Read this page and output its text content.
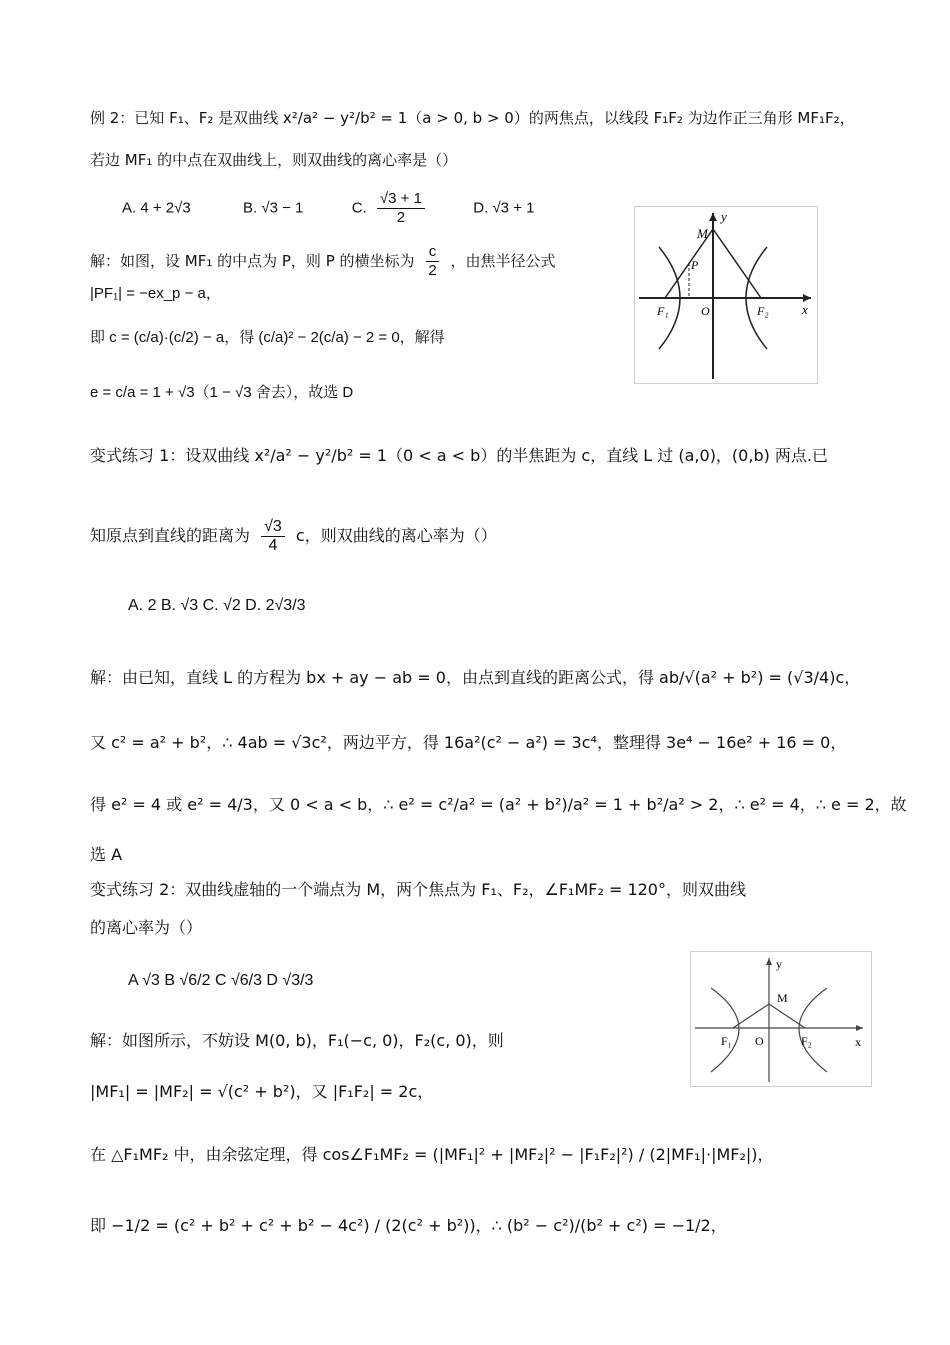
例 2：已知 F₁、F₂ 是双曲线 x²/a² − y²/b² = 1（a > 0, b > 0）的两焦点，以线段 F₁F₂ 为边作正三角形 MF₁F₂，
若边 MF₁ 的中点在双曲线上，则双曲线的离心率是（）
A. 4 + 2√3	B. √3 − 1	C. $\frac{√3 + 1}{2}$	D. √3 + 1
解：如图，设 MF₁ 的中点为 P，则 P 的横坐标为 $\frac{c}{2}$ ，由焦半径公式
|PF₁| = −ex_p − a，
即 c = (c/a)·(c/2) − a，得 (c/a)² − 2(c/a) − 2 = 0，解得
e = c/a = 1 + √3（1 − √3 舍去），故选 D
y
x
M
P
F₁	O	F₂
变式练习 1：设双曲线 x²/a² − y²/b² = 1（0 < a < b）的半焦距为 c，直线 L 过 (a,0)，(0,b) 两点.已
知原点到直线的距离为 $\frac{√3}{4}$ c，则双曲线的离心率为（）
A. 2 B. √3 C. √2 D. 2√3/3
解：由已知，直线 L 的方程为 bx + ay − ab = 0，由点到直线的距离公式，得 ab/√(a² + b²) = (√3/4)c，
又 c² = a² + b²，∴ 4ab = √3c²，两边平方，得 16a²(c² − a²) = 3c⁴，整理得 3e⁴ − 16e² + 16 = 0，
得 e² = 4 或 e² = 4/3，又 0 < a < b，∴ e² = c²/a² = (a² + b²)/a² = 1 + b²/a² > 2，∴ e² = 4，∴ e = 2，故
选 A
变式练习 2：双曲线虚轴的一个端点为 M，两个焦点为 F₁、F₂，∠F₁MF₂ = 120°，则双曲线
的离心率为（）
A √3 B √6/2 C √6/3 D √3/3
解：如图所示，不妨设 M(0, b)，F₁(−c, 0)，F₂(c, 0)，则
|MF₁| = |MF₂| = √(c² + b²)，又 |F₁F₂| = 2c，
在 △F₁MF₂ 中，由余弦定理，得 cos∠F₁MF₂ = (|MF₁|² + |MF₂|² − |F₁F₂|²) / (2|MF₁|·|MF₂|)，
即 −1/2 = (c² + b² + c² + b² − 4c²) / (2(c² + b²))，∴ (b² − c²)/(b² + c²) = −1/2，
y
x
M
F₁ O	F₂
